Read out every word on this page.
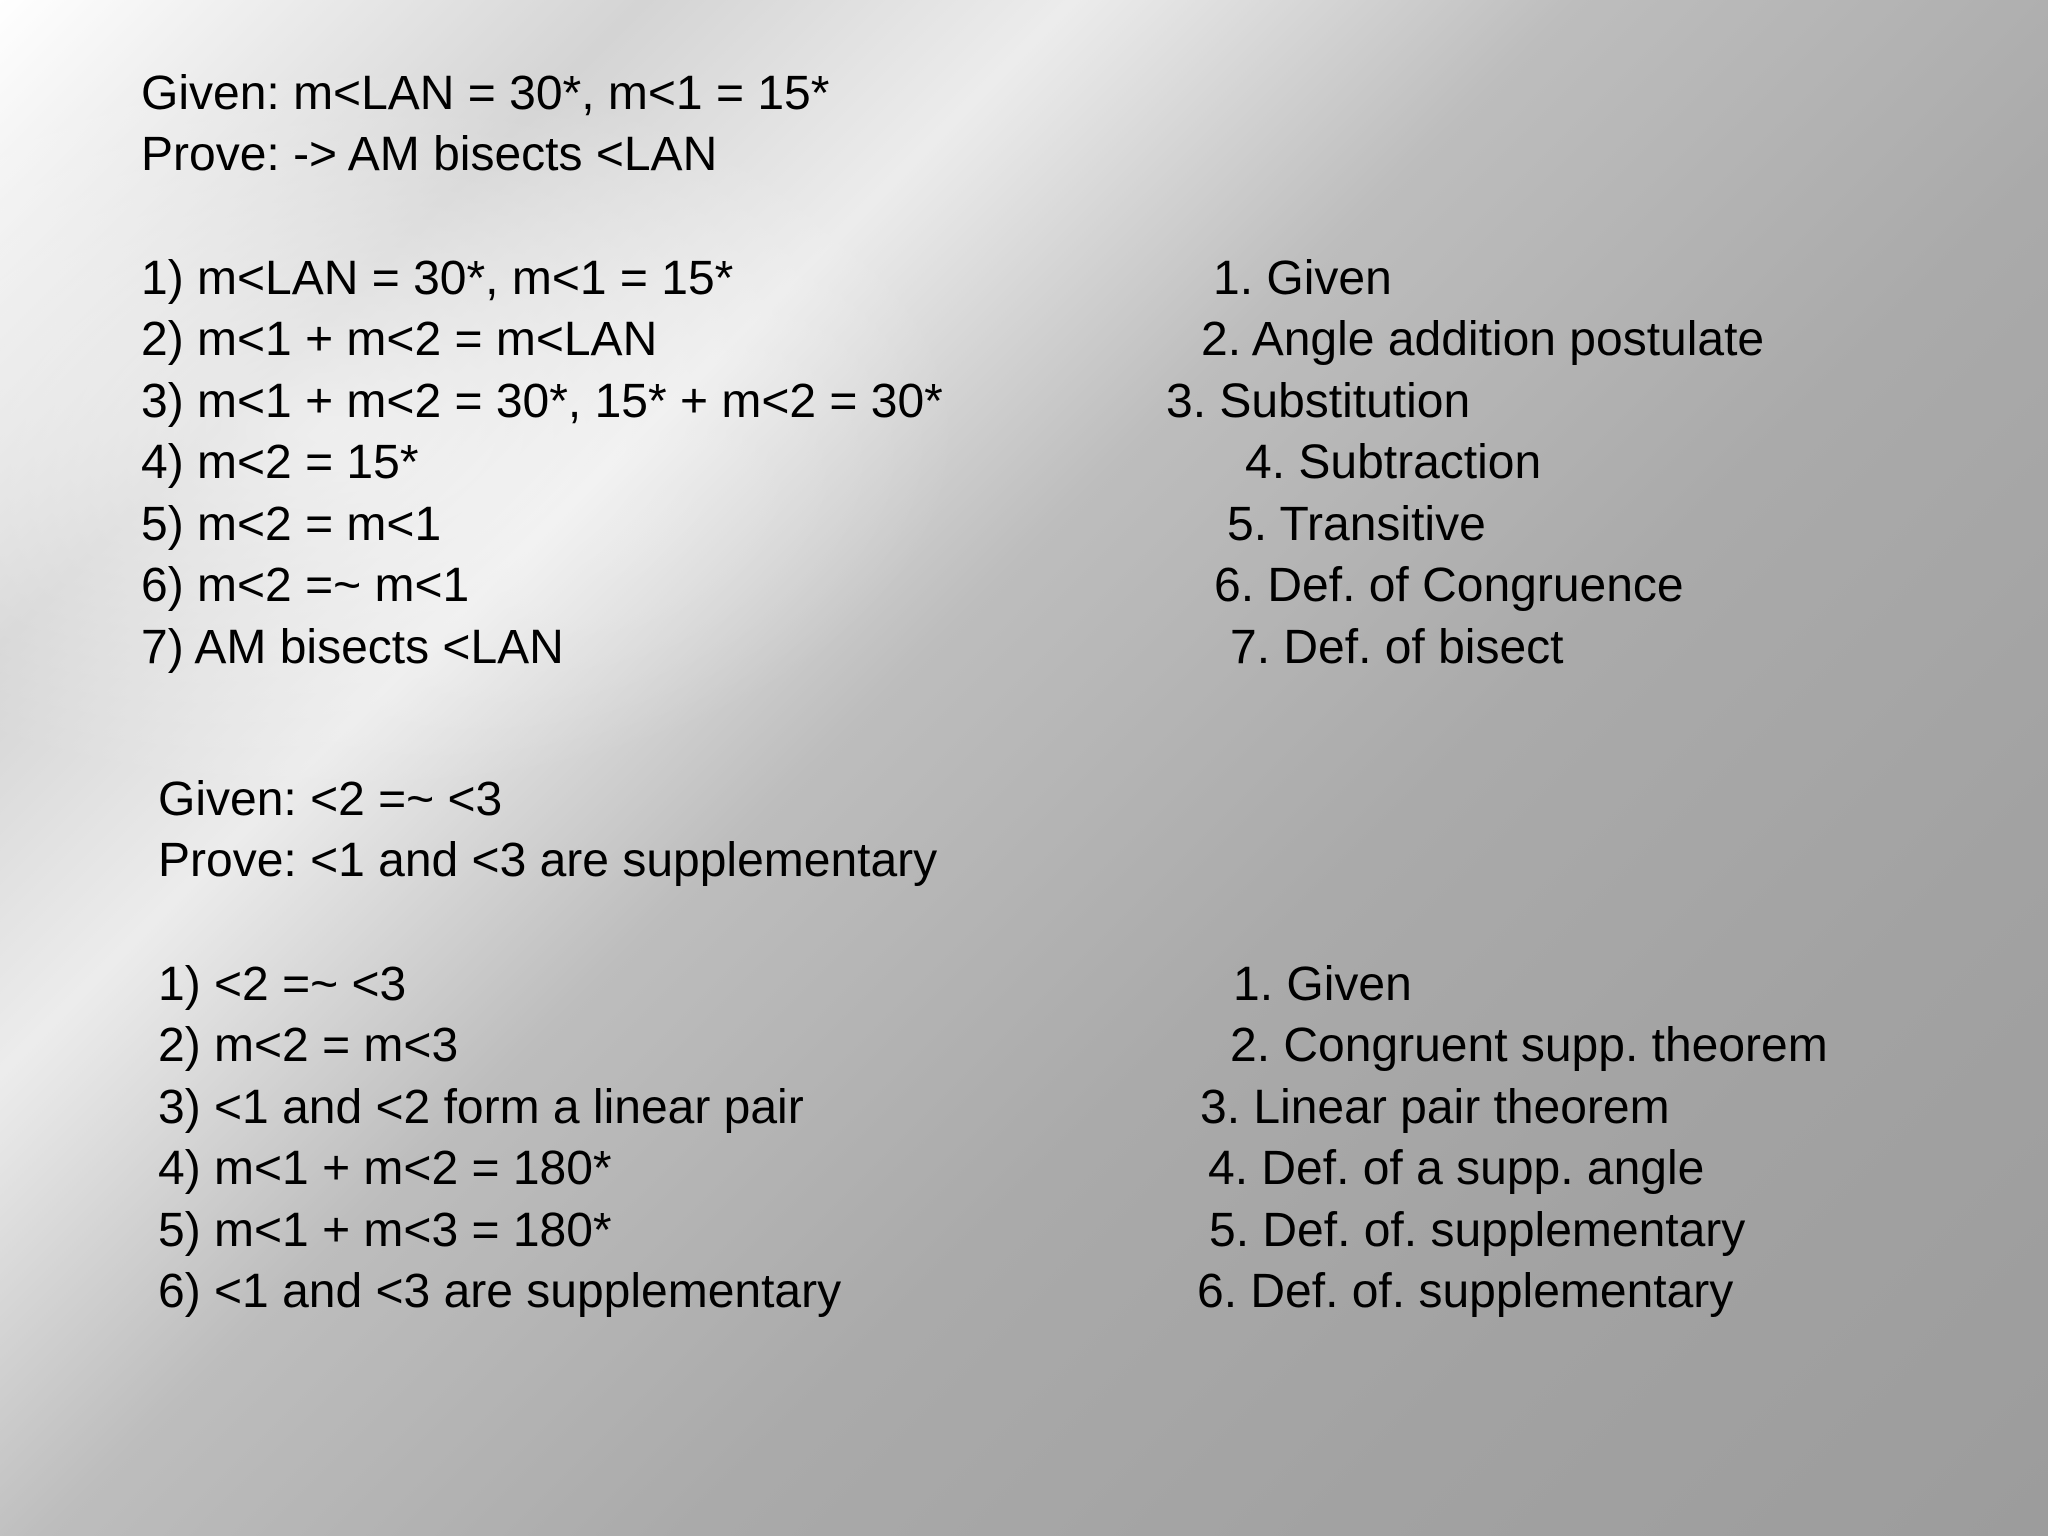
Given: m<LAN = 30*, m<1 = 15*
Prove: -> AM bisects <LAN
1) m<LAN = 30*, m<1 = 15*
2) m<1 + m<2 = m<LAN
3) m<1 + m<2 = 30*, 15* + m<2 = 30*
4) m<2 = 15*
5) m<2 = m<1
6) m<2 =~ m<1
7) AM bisects <LAN
1. Given
2. Angle addition postulate
3. Substitution
4. Subtraction
5. Transitive
6. Def. of Congruence
7. Def. of bisect
Given: <2 =~ <3
Prove: <1 and <3 are supplementary
1) <2 =~ <3
2) m<2 = m<3
3) <1 and <2 form a linear pair
4) m<1 + m<2 = 180*
5) m<1 + m<3 = 180*
6) <1 and <3 are supplementary
1. Given
2. Congruent supp. theorem
3. Linear pair theorem
4. Def. of a supp. angle
5. Def. of. supplementary
6. Def. of. supplementary
